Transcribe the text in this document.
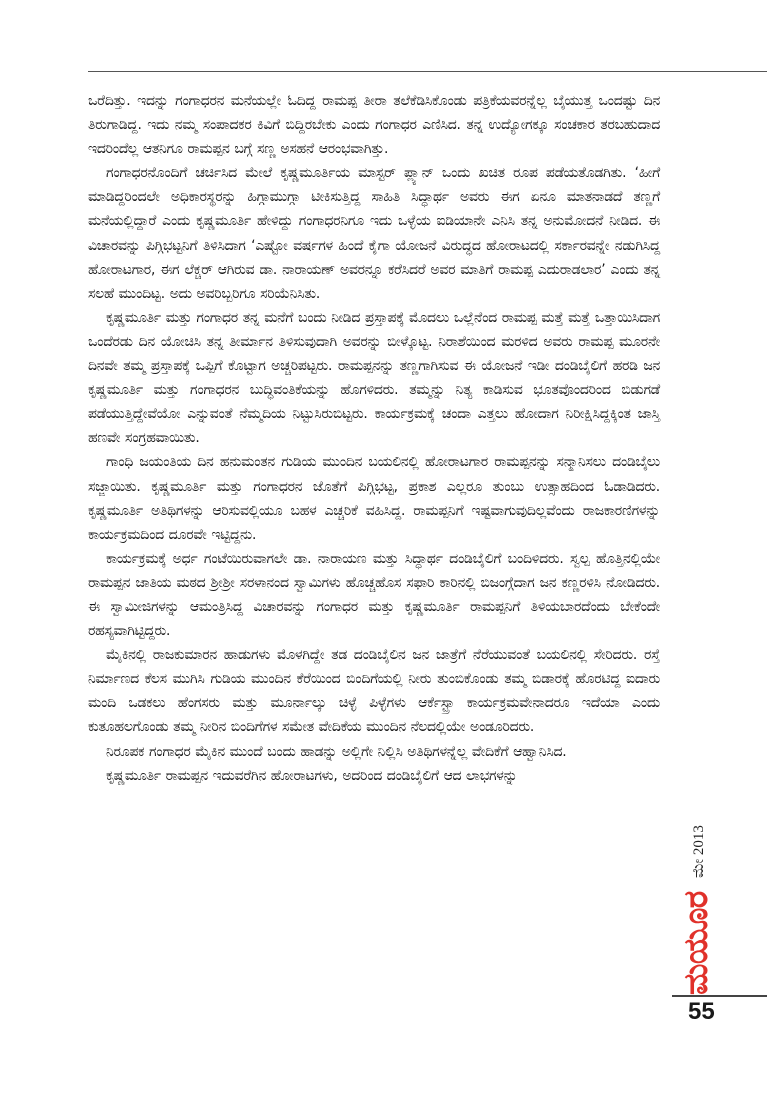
ಒರೆದಿತ್ತು. ಇದನ್ನು ಗಂಗಾಧರನ ಮನೆಯಲ್ಲೇ ಓದಿದ್ದ ರಾಮಪ್ಪ ತೀರಾ ತಲೆಕೆಡಿಸಿಕೊಂಡು ಪತ್ರಿಕೆಯವರನ್ನೆಲ್ಲ ಬೈಯುತ್ತ ಒಂದಷ್ಟು ದಿನ ತಿರುಗಾಡಿದ್ದ. ಇದು ನಮ್ಮ ಸಂಪಾದಕರ ಕಿವಿಗೆ ಬಿದ್ದಿರಬೇಕು ಎಂದು ಗಂಗಾಧರ ಎಣಿಸಿದ. ತನ್ನ ಉದ್ಯೋಗಕ್ಕೂ ಸಂಚಕಾರ ತರಬಹುದಾದ ಇದರಿಂದೆಲ್ಲ ಆತನಿಗೂ ರಾಮಪ್ಪನ ಬಗ್ಗೆ ಸಣ್ಣ ಅಸಹನೆ ಆರಂಭವಾಗಿತ್ತು.

ಗಂಗಾಧರನೊಂದಿಗೆ ಚರ್ಚಿಸಿದ ಮೇಲೆ ಕೃಷ್ಣಮೂರ್ತಿಯ ಮಾಸ್ಟರ್ ಪ್ಲ್ಯಾನ್ ಒಂದು ಖಚಿತ ರೂಪ ಪಡೆಯತೊಡಗಿತು. ‘ಹೀಗೆ ಮಾಡಿದ್ದರಿಂದಲೇ ಅಧಿಕಾರಸ್ಥರನ್ನು ಹಿಗ್ಗಾಮುಗ್ಗಾ ಟೀಕಿಸುತ್ತಿದ್ದ ಸಾಹಿತಿ ಸಿದ್ಧಾರ್ಥ ಅವರು ಈಗ ಏನೂ ಮಾತನಾಡದೆ ತಣ್ಣಗೆ ಮನೆಯಲ್ಲಿದ್ದಾರೆ ಎಂದು ಕೃಷ್ಣಮೂರ್ತಿ ಹೇಳಿದ್ದು ಗಂಗಾಧರನಿಗೂ ಇದು ಒಳ್ಳೆಯ ಐಡಿಯಾನೇ ಎನಿಸಿ ತನ್ನ ಅನುಮೋದನೆ ನೀಡಿದ. ಈ ವಿಚಾರವನ್ನು ಪಿಗ್ಗಿಭಟ್ಟನಿಗೆ ತಿಳಿಸಿದಾಗ ‘ಎಷ್ಟೋ ವರ್ಷಗಳ ಹಿಂದೆ ಕೈಗಾ ಯೋಜನೆ ವಿರುದ್ಧದ ಹೋರಾಟದಲ್ಲಿ ಸರ್ಕಾರವನ್ನೇ ನಡುಗಿಸಿದ್ದ ಹೋರಾಟಗಾರ, ಈಗ ಲೆಕ್ಚರ್ ಆಗಿರುವ ಡಾ. ನಾರಾಯಣ್ ಅವರನ್ನೂ ಕರೆಸಿದರೆ ಅವರ ಮಾತಿಗೆ ರಾಮಪ್ಪ ಎದುರಾಡಲಾರ’ ಎಂದು ತನ್ನ ಸಲಹೆ ಮುಂದಿಟ್ಟ. ಅದು ಅವರಿಬ್ಬರಿಗೂ ಸರಿಯೆನಿಸಿತು.

ಕೃಷ್ಣಮೂರ್ತಿ ಮತ್ತು ಗಂಗಾಧರ ತನ್ನ ಮನೆಗೆ ಬಂದು ನೀಡಿದ ಪ್ರಸ್ತಾಪಕ್ಕೆ ಮೊದಲು ಒಲ್ಲೆನೆಂದ ರಾಮಪ್ಪ ಮತ್ತೆ ಮತ್ತೆ ಒತ್ತಾಯಿಸಿದಾಗ ಒಂದೆರಡು ದಿನ ಯೋಚಿಸಿ ತನ್ನ ತೀರ್ಮಾನ ತಿಳಿಸುವುದಾಗಿ ಅವರನ್ನು ಬೀಳ್ಕೊಟ್ಟ. ನಿರಾಶೆಯಿಂದ ಮರಳಿದ ಅವರು ರಾಮಪ್ಪ ಮೂರನೇ ದಿನವೇ ತಮ್ಮ ಪ್ರಸ್ತಾಪಕ್ಕೆ ಒಪ್ಪಿಗೆ ಕೊಟ್ಟಾಗ ಅಚ್ಚರಿಪಟ್ಟರು. ರಾಮಪ್ಪನನ್ನು ತಣ್ಣಗಾಗಿಸುವ ಈ ಯೋಜನೆ ಇಡೀ ದಂಡಿಬೈಲಿಗೆ ಹರಡಿ ಜನ ಕೃಷ್ಣಮೂರ್ತಿ ಮತ್ತು ಗಂಗಾಧರನ ಬುದ್ಧಿವಂತಿಕೆಯನ್ನು ಹೊಗಳಿದರು. ತಮ್ಮನ್ನು ನಿತ್ಯ ಕಾಡಿಸುವ ಭೂತವೊಂದರಿಂದ ಬಿಡುಗಡೆ ಪಡೆಯುತ್ತಿದ್ದೇವೆಯೋ ಎನ್ನುವಂತೆ ನೆಮ್ಮದಿಯ ನಿಟ್ಟುಸಿರುಬಿಟ್ಟರು. ಕಾರ್ಯಕ್ರಮಕ್ಕೆ ಚಂದಾ ಎತ್ತಲು ಹೋದಾಗ ನಿರೀಕ್ಷಿಸಿದ್ದಕ್ಕಿಂತ ಜಾಸ್ತಿ ಹಣವೇ ಸಂಗ್ರಹವಾಯಿತು.

ಗಾಂಧಿ ಜಯಂತಿಯ ದಿನ ಹನುಮಂತನ ಗುಡಿಯ ಮುಂದಿನ ಬಯಲಿನಲ್ಲಿ ಹೋರಾಟಗಾರ ರಾಮಪ್ಪನನ್ನು ಸನ್ಮಾನಿಸಲು ದಂಡಿಬೈಲು ಸಜ್ಜಾಯಿತು. ಕೃಷ್ಣಮೂರ್ತಿ ಮತ್ತು ಗಂಗಾಧರನ ಜೊತೆಗೆ ಪಿಗ್ಗಿಭಟ್ಟ, ಪ್ರಕಾಶ ಎಲ್ಲರೂ ತುಂಬು ಉತ್ಸಾಹದಿಂದ ಓಡಾಡಿದರು. ಕೃಷ್ಣಮೂರ್ತಿ ಅತಿಥಿಗಳನ್ನು ಆರಿಸುವಲ್ಲಿಯೂ ಬಹಳ ಎಚ್ಚರಿಕೆ ವಹಿಸಿದ್ದ. ರಾಮಪ್ಪನಿಗೆ ಇಷ್ಟವಾಗುವುದಿಲ್ಲವೆಂದು ರಾಜಕಾರಣಿಗಳನ್ನು ಕಾರ್ಯಕ್ರಮದಿಂದ ದೂರವೇ ಇಟ್ಟಿದ್ದನು.

ಕಾರ್ಯಕ್ರಮಕ್ಕೆ ಅರ್ಧ ಗಂಟೆಯಿರುವಾಗಲೇ ಡಾ. ನಾರಾಯಣ ಮತ್ತು ಸಿದ್ಧಾರ್ಥ ದಂಡಿಬೈಲಿಗೆ ಬಂದಿಳಿದರು. ಸ್ವಲ್ಪ ಹೊತ್ತಿನಲ್ಲಿಯೇ ರಾಮಪ್ಪನ ಜಾತಿಯ ಮಠದ ಶ್ರೀಶ್ರೀ ಸರಳಾನಂದ ಸ್ವಾಮಿಗಳು ಹೊಚ್ಚಹೊಸ ಸಫಾರಿ ಕಾರಿನಲ್ಲಿ ಬಿಜಂಗ್ಗೆದಾಗ ಜನ ಕಣ್ಣರಳಿಸಿ ನೋಡಿದರು. ಈ ಸ್ವಾಮೀಜಿಗಳನ್ನು ಆಮಂತ್ರಿಸಿದ್ದ ವಿಚಾರವನ್ನು ಗಂಗಾಧರ ಮತ್ತು ಕೃಷ್ಣಮೂರ್ತಿ ರಾಮಪ್ಪನಿಗೆ ತಿಳಿಯಬಾರದೆಂದು ಬೇಕೆಂದೇ ರಹಸ್ಯವಾಗಿಟ್ಟಿದ್ದರು.

ಮೈಕಿನಲ್ಲಿ ರಾಜಕುಮಾರನ ಹಾಡುಗಳು ಮೊಳಗಿದ್ದೇ ತಡ ದಂಡಿಬೈಲಿನ ಜನ ಜಾತ್ರೆಗೆ ನೆರೆಯುವಂತೆ ಬಯಲಿನಲ್ಲಿ ಸೇರಿದರು. ರಸ್ತೆ ನಿರ್ಮಾಣದ ಕೆಲಸ ಮುಗಿಸಿ ಗುಡಿಯ ಮುಂದಿನ ಕೆರೆಯಿಂದ ಬಿಂದಿಗೆಯಲ್ಲಿ ನೀರು ತುಂಬಿಕೊಂಡು ತಮ್ಮ ಬಿಡಾರಕ್ಕೆ ಹೊರಟಿದ್ದ ಐದಾರು ಮಂದಿ ಒಡಕಲು ಹೆಂಗಸರು ಮತ್ತು ಮೂರ್ನಾಲ್ಕು ಚಿಳ್ಳೆ ಪಿಳ್ಳೆಗಳು ಆರ್ಕೆಸ್ಟ್ರಾ ಕಾರ್ಯಕ್ರಮವೇನಾದರೂ ಇದೆಯಾ ಎಂದು ಕುತೂಹಲಗೊಂಡು ತಮ್ಮ ನೀರಿನ ಬಿಂದಿಗೆಗಳ ಸಮೇತ ವೇದಿಕೆಯ ಮುಂದಿನ ನೆಲದಲ್ಲಿಯೇ ಅಂಡೂರಿದರು.

ನಿರೂಪಕ ಗಂಗಾಧರ ಮೈಕಿನ ಮುಂದೆ ಬಂದು ಹಾಡನ್ನು ಅಲ್ಲಿಗೇ ನಿಲ್ಲಿಸಿ ಅತಿಥಿಗಳನ್ನೆಲ್ಲ ವೇದಿಕೆಗೆ ಆಹ್ವಾನಿಸಿದ.

ಕೃಷ್ಣಮೂರ್ತಿ ರಾಮಪ್ಪನ ಇದುವರೆಗಿನ ಹೋರಾಟಗಳು, ಅದರಿಂದ ದಂಡಿಬೈಲಿಗೆ ಆದ ಲಾಭಗಳನ್ನು

ಮಯೂರ
ಮೇ 2013
55
